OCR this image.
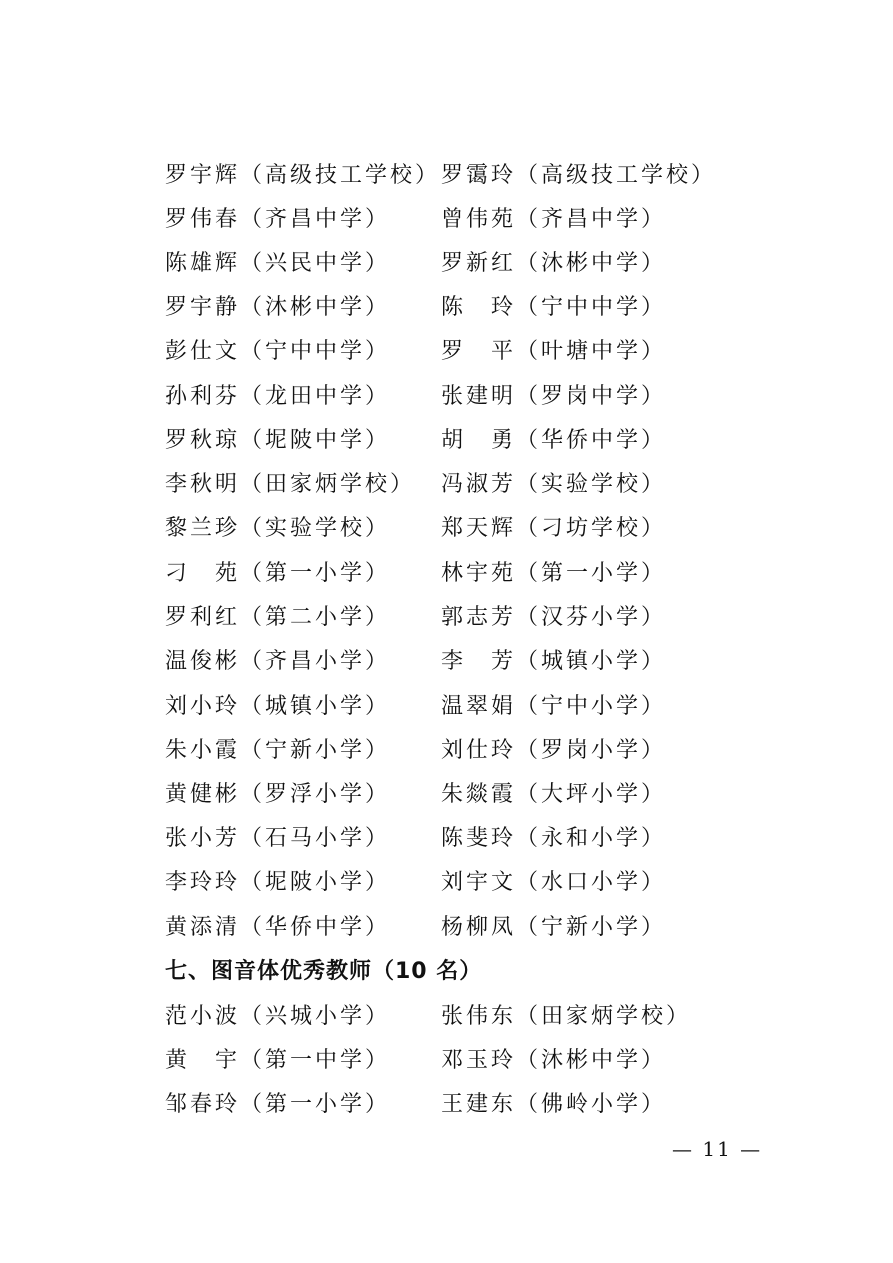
罗宇辉（高级技工学校） 罗霭玲（高级技工学校）
罗伟春（齐昌中学） 曾伟苑（齐昌中学）
陈雄辉（兴民中学） 罗新红（沐彬中学）
罗宇静（沐彬中学） 陈　玲（宁中中学）
彭仕文（宁中中学） 罗　平（叶塘中学）
孙利芬（龙田中学） 张建明（罗岗中学）
罗秋琼（坭陂中学） 胡　勇（华侨中学）
李秋明（田家炳学校） 冯淑芳（实验学校）
黎兰珍（实验学校） 郑天辉（刁坊学校）
刁　苑（第一小学） 林宇苑（第一小学）
罗利红（第二小学） 郭志芳（汉芬小学）
温俊彬（齐昌小学） 李　芳（城镇小学）
刘小玲（城镇小学） 温翠娟（宁中小学）
朱小霞（宁新小学） 刘仕玲（罗岗小学）
黄健彬（罗浮小学） 朱燚霞（大坪小学）
张小芳（石马小学） 陈斐玲（永和小学）
李玲玲（坭陂小学） 刘宇文（水口小学）
黄添清（华侨中学） 杨柳凤（宁新小学）
七、图音体优秀教师（10 名）
范小波（兴城小学） 张伟东（田家炳学校）
黄　宇（第一中学） 邓玉玲（沐彬中学）
邹春玲（第一小学） 王建东（佛岭小学）
— 11 —
